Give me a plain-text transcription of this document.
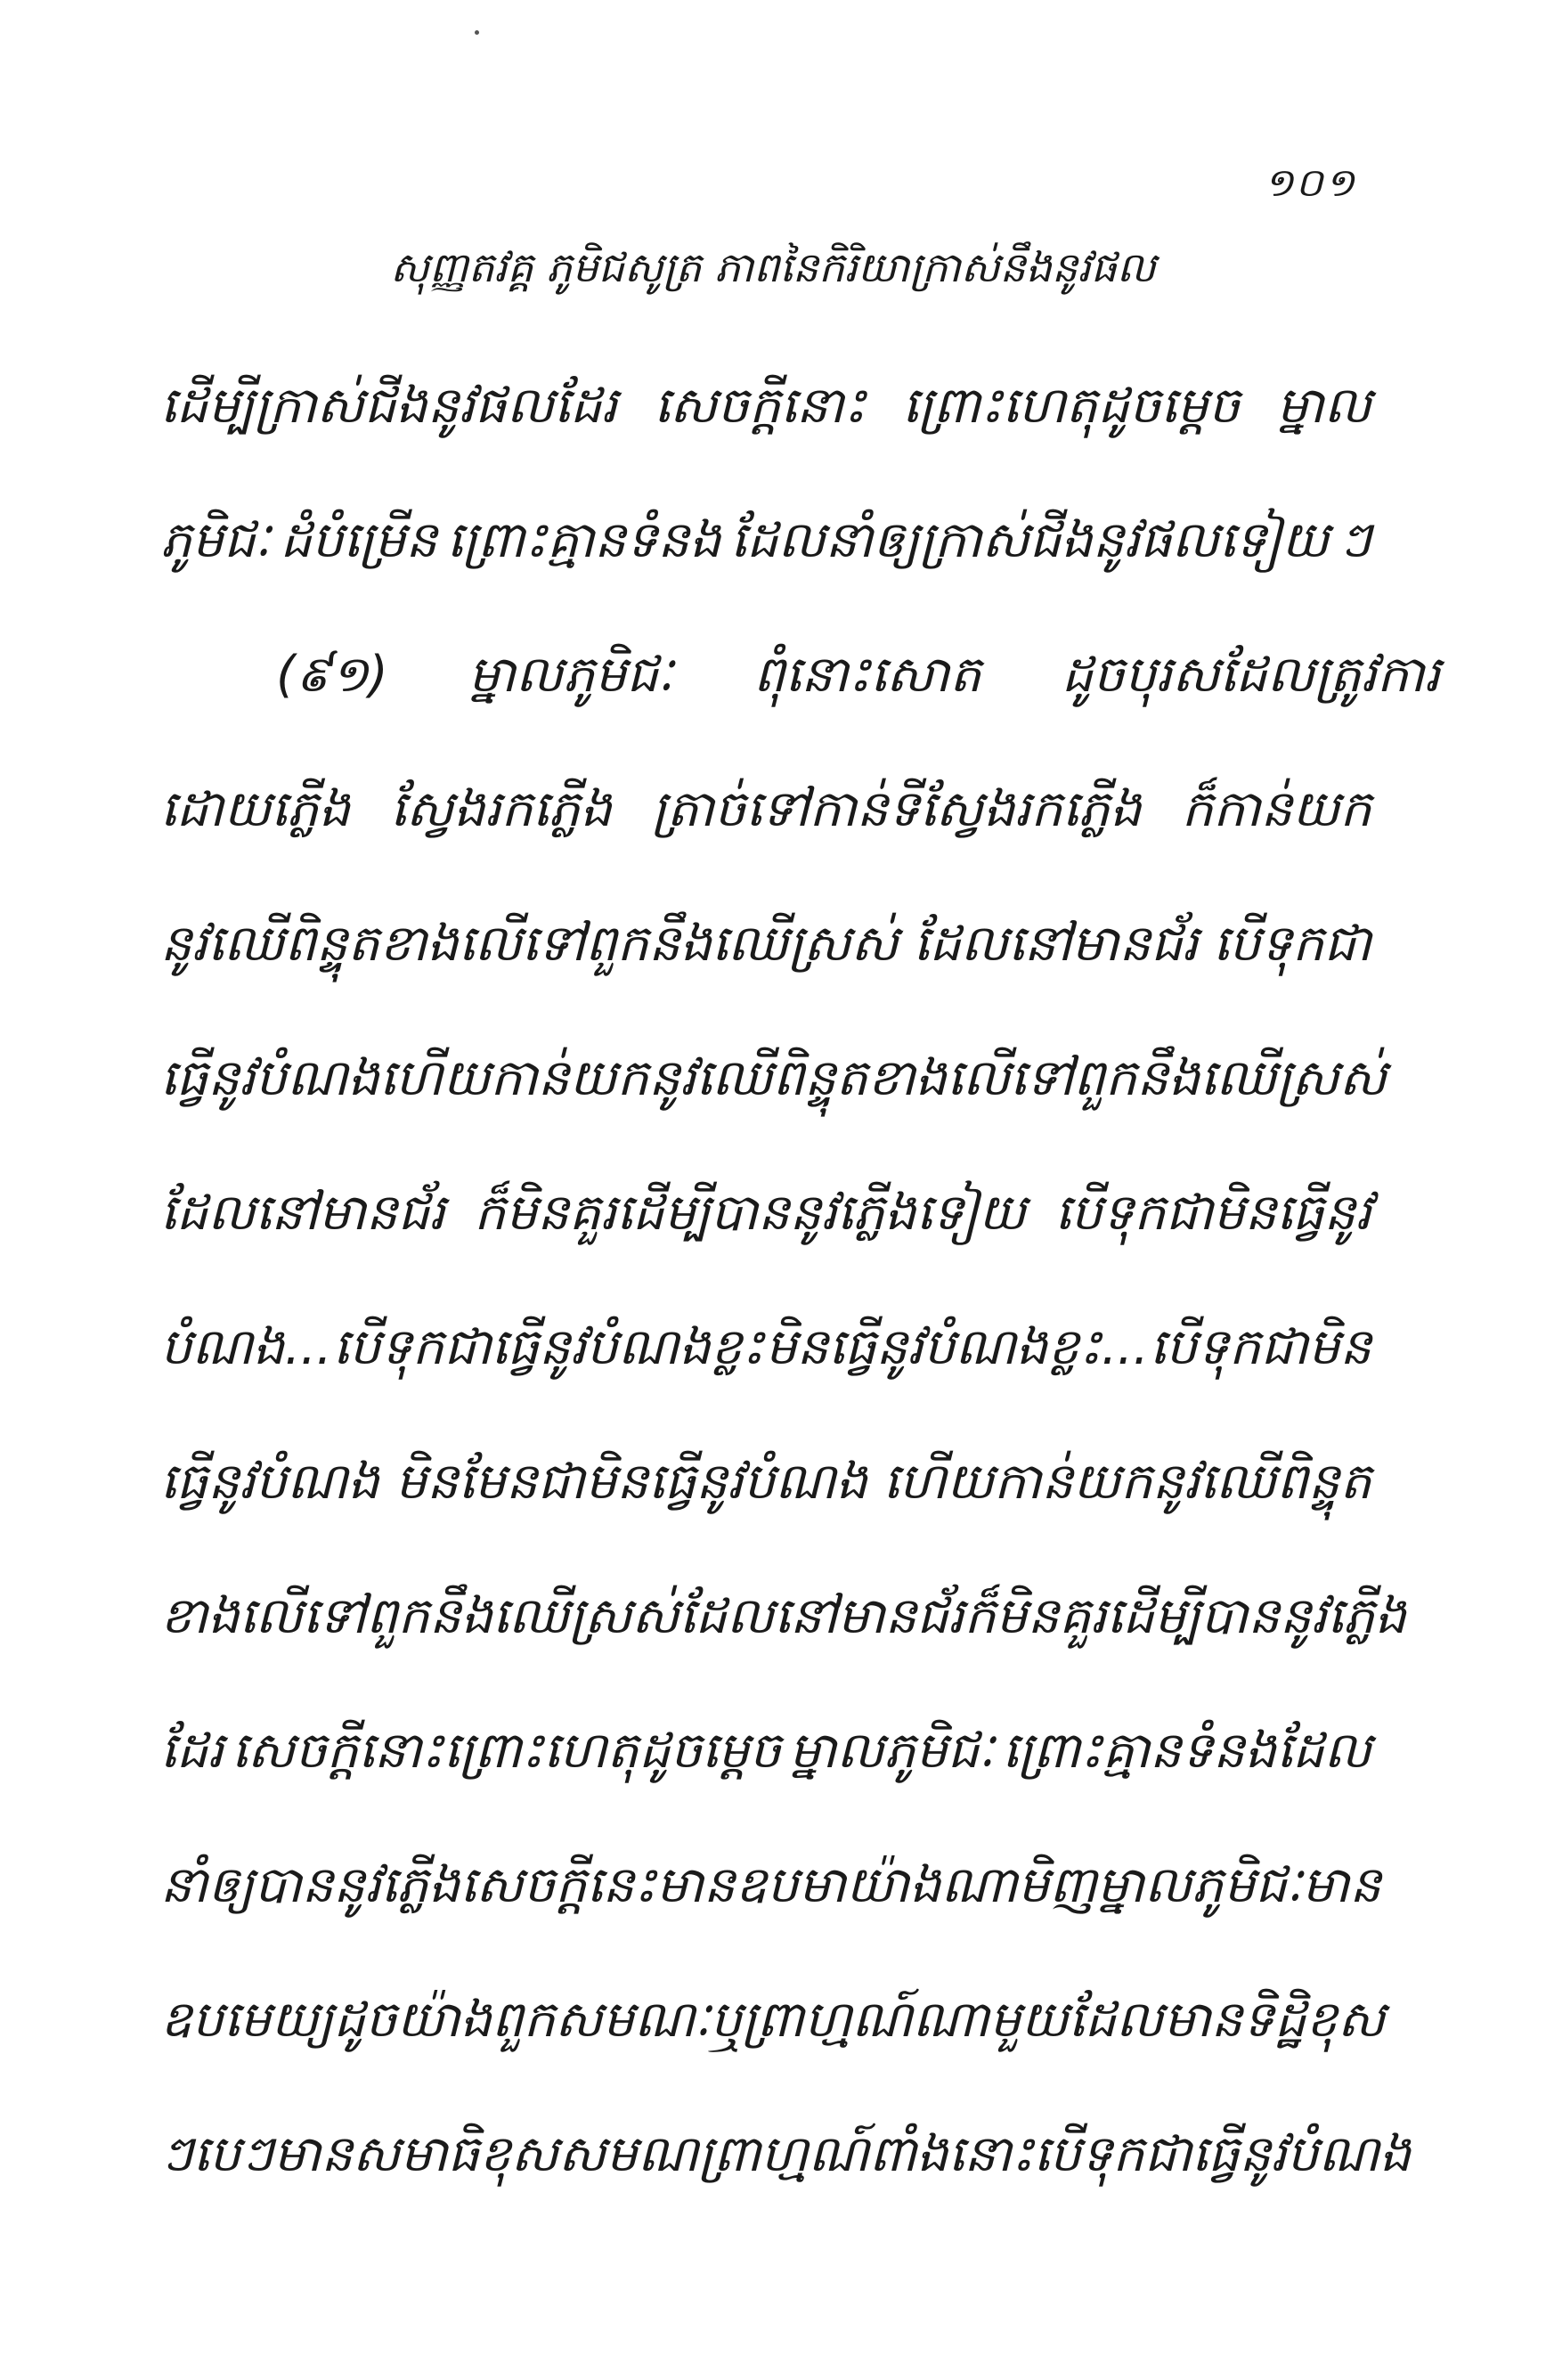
១០១
សុញ្ញតវគ្គ ភូមិជសូត្រ ភាពនៃកិរិយាក្រាស់នឹងនូវផល
ដើម្បីក្រាស់ជីងនូវផលដែរ សេចក្តីនោះ ព្រោះហេតុដូចម្តេច ម្នាល
ភូមិជៈ ដំបំម្រើន ព្រោះគ្មានទំនង ដែលនាំឲ្យក្រាស់ជីងនូវផលទៀយ ៗ
(៩១) ម្នាលភូមិជៈ ពុំនោះសោត ដូចបុរសដែលត្រូវការ
ដោយភ្លើង ស្វែងរកភ្លើង ត្រាច់ទៅកាន់ទីស្វែងរកភ្លើង ក៏កាន់យក
នូវឈើពិន្ទុតខាងលើទៅពួកនឹងឈើស្រស់ ដែលនៅមានជ័រ បើទុកជា
ធ្វើនូវបំណង ហើយកាន់យកនូវឈើពិន្ទុតខាងលើ ទៅពួកនឹងឈើស្រស់
ដែលនៅមានជ័រ ក៏មិនគួរដើម្បីបាននូវភ្លើងទៀយ បើទុកជាមិនធ្វើនូវ
បំណង... បើទុកជាធ្វើនូវបំណងខ្លះ មិនធ្វើនូវបំណងខ្លះ... បើទុកជាមិន
ធ្វើនូវបំណង មិនមែនជាមិនធ្វើនូវបំណង ហើយកាន់យកនូវឈើពិន្ទុត
ខាងលើ ទៅពួកនឹងឈើស្រស់ដែលនៅមានជ័រ ក៏មិនគួរដើម្បីបាននូវភ្លើង
ដែរ សេចក្តីនោះព្រោះហេតុដូចម្តេច ម្នាលភូមិជៈ ព្រោះគ្មានទំនងដែល
នាំឲ្យបាននូវភ្លើង សេចក្តីនេះមានឧបមាយ៉ាងណាមិញ ម្នាលភូមិជៈ មាន
ឧបមេយ្យដូចយ៉ាងពួកសមណៈឬព្រាហ្មណ៍ណាមួយ ដែលមានទិដ្ឋិខុស
ៗបេៗ មានសមាធិខុស សមណព្រាហ្មណ៍ពាំងនោះ បើទុកជាធ្វើនូវបំណង
